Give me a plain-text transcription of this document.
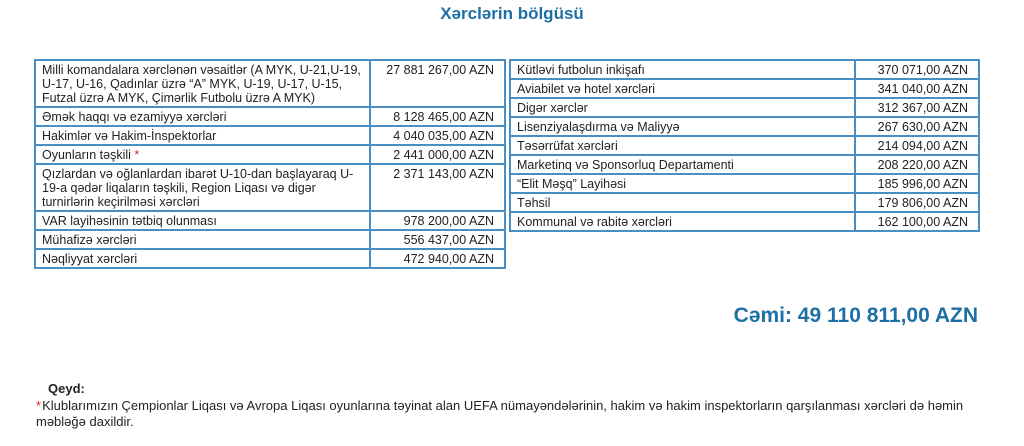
Xərclərin bölgüsü
Milli komandalara xərclənən vəsaitlər (A MYK, U-21,U-19, U-17, U-16, Qadınlar üzrə “A” MYK, U-19, U-17, U-15, Futzal üzrə A MYK, Çimərlik Futbolu üzrə A MYK)	27 881 267,00 AZN
Əmək haqqı və ezamiyyə xərcləri	8 128 465,00 AZN
Hakimlər və Hakim-İnspektorlar	4 040 035,00 AZN
Oyunların təşkili *	2 441 000,00 AZN
Qızlardan və oğlanlardan ibarət U-10-dan başlayaraq U-19-a qədər liqaların təşkili, Region Liqası və digər turnirlərin keçirilməsi xərcləri	2 371 143,00 AZN
VAR layihəsinin tətbiq olunması	978 200,00 AZN
Mühafizə xərcləri	556 437,00 AZN
Nəqliyyat xərcləri	472 940,00 AZN
Kütləvi futbolun inkişafı	370 071,00 AZN
Aviabilet və hotel xərcləri	341 040,00 AZN
Digər xərclər	312 367,00 AZN
Lisenziyalaşdırma və Maliyyə	267 630,00 AZN
Təsərrüfat xərcləri	214 094,00 AZN
Marketinq və Sponsorluq Departamenti	208 220,00 AZN
“Elit Məşq” Layihəsi	185 996,00 AZN
Təhsil	179 806,00 AZN
Kommunal və rabitə xərcləri	162 100,00 AZN
Cəmi: 49 110 811,00 AZN
Qeyd:
*Klublarımızın Çempionlar Liqası və Avropa Liqası oyunlarına təyinat alan UEFA nümayəndələrinin, hakim və hakim inspektorların qarşılanması xərcləri də həmin məbləğə daxildir.
